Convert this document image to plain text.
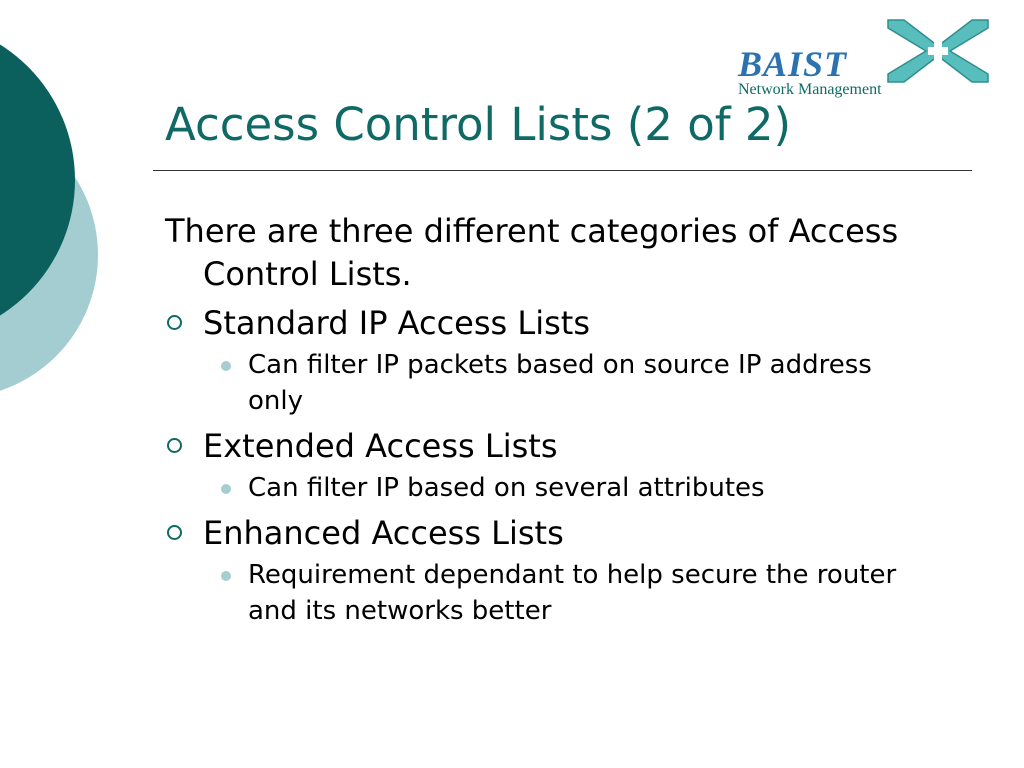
BAIST
Network Management
Access Control Lists (2 of 2)

There are three different categories of Access Control Lists.

Standard IP Access Lists
Can filter IP packets based on source IP address only
Extended Access Lists
Can filter IP based on several attributes
Enhanced Access Lists
Requirement dependant to help secure the router and its networks better
